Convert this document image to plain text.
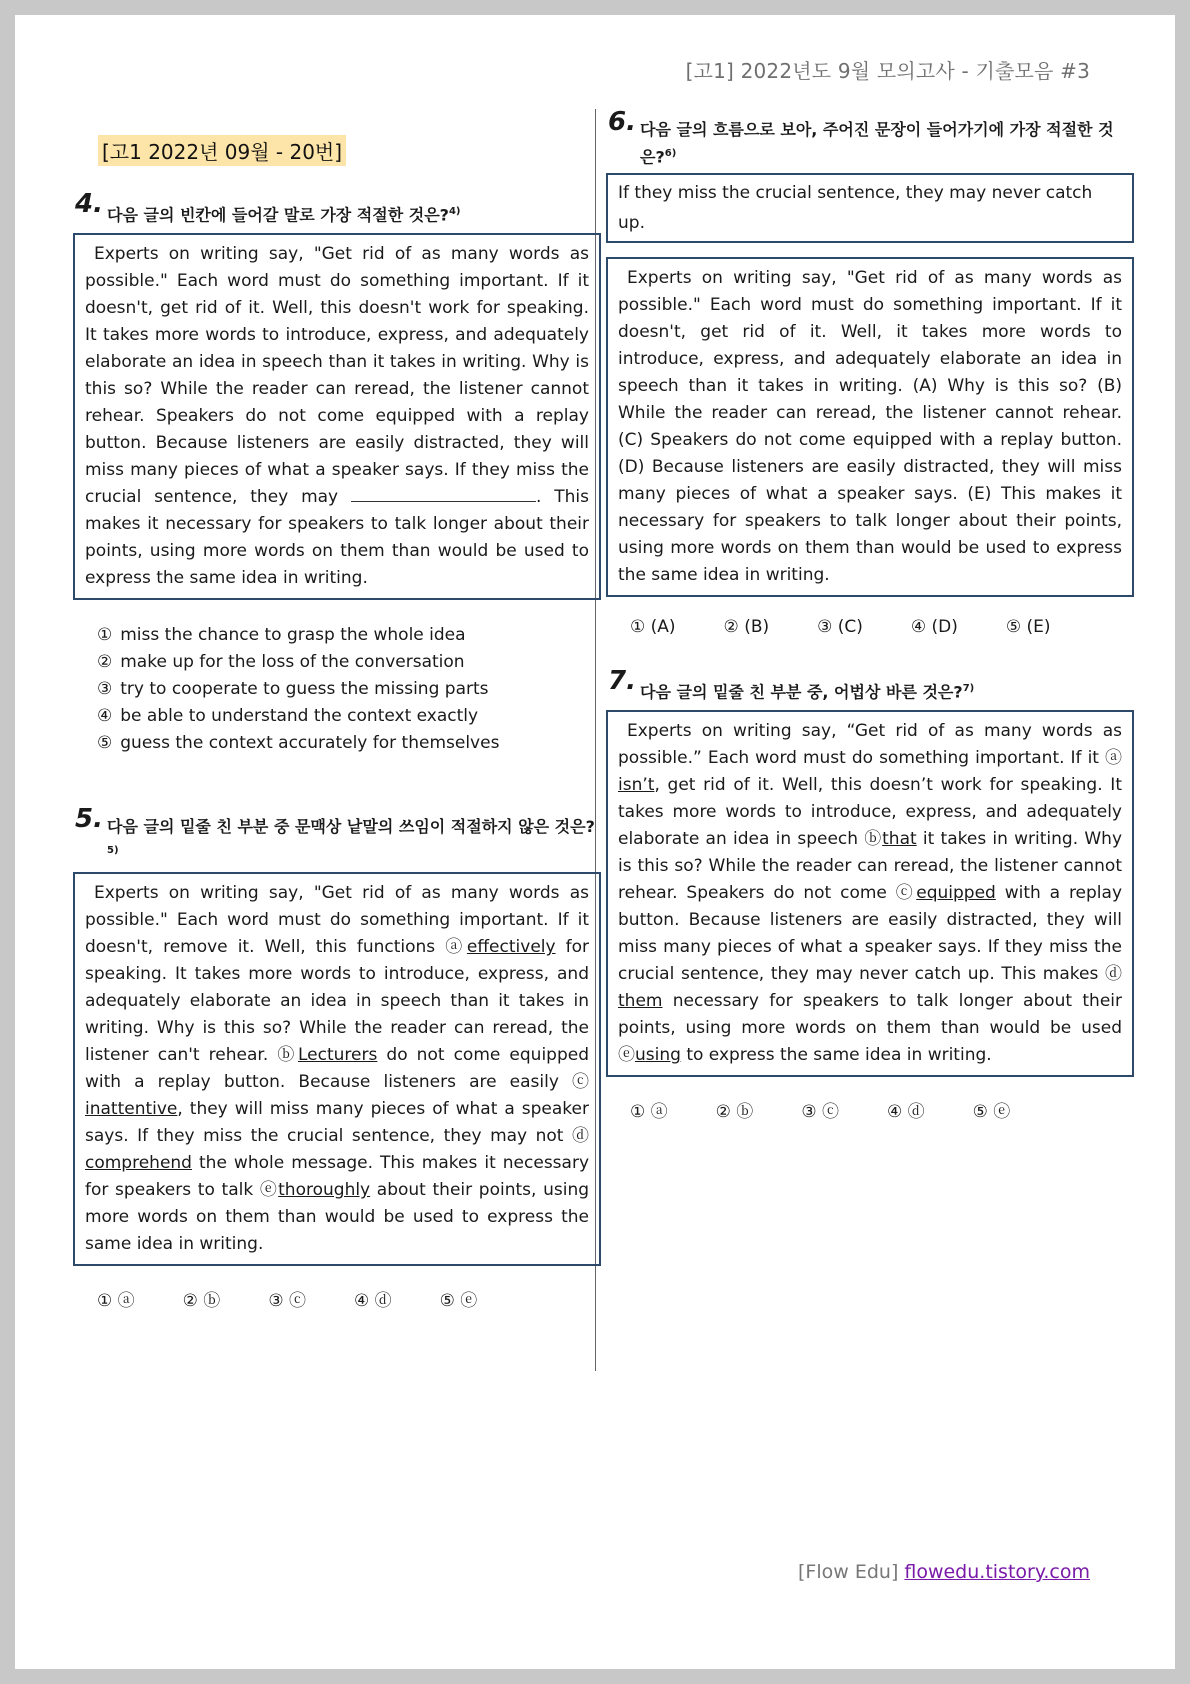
[고1] 2022년도 9월 모의고사 - 기출모음 #3
[고1 2022년 09월 - 20번]
4. 다음 글의 빈칸에 들어갈 말로 가장 적절한 것은?$^{4)}$

Experts on writing say, "Get rid of as many words as possible." Each word must do something important. If it doesn't, get rid of it. Well, this doesn't work for speaking. It takes more words to introduce, express, and adequately elaborate an idea in speech than it takes in writing. Why is this so? While the reader can reread, the listener cannot rehear. Speakers do not come equipped with a replay button. Because listeners are easily distracted, they will miss many pieces of what a speaker says. If they miss the crucial sentence, they may	. This makes it necessary for speakers to talk longer about their points, using more words on them than would be used to express the same idea in writing.

① miss the chance to grasp the whole idea
② make up for the loss of the conversation
③ try to cooperate to guess the missing parts
④ be able to understand the context exactly
⑤ guess the context accurately for themselves
5. 다음 글의 밑줄 친 부분 중 문맥상 낱말의 쓰임이 적절하지 않은 것은?$^{5)}$

Experts on writing say, "Get rid of as many words as possible." Each word must do something important. If it doesn't, remove it. Well, this functions ⓐeffectively for speaking. It takes more words to introduce, express, and adequately elaborate an idea in speech than it takes in writing. Why is this so? While the reader can reread, the listener can't rehear. ⓑLecturers do not come equipped with a replay button. Because listeners are easily ⓒ inattentive, they will miss many pieces of what a speaker says. If they miss the crucial sentence, they may not ⓓ comprehend the whole message. This makes it necessary for speakers to talk ⓔthoroughly about their points, using more words on them than would be used to express the same idea in writing.

① ⓐ	② ⓑ	③ ⓒ	④ ⓓ	⑤ ⓔ
6. 다음 글의 흐름으로 보아, 주어진 문장이 들어가기에 가장 적절한 것은?$^{6)}$
If they miss the crucial sentence, they may never catch up.

Experts on writing say, "Get rid of as many words as possible." Each word must do something important. If it doesn't, get rid of it. Well, it takes more words to introduce, express, and adequately elaborate an idea in speech than it takes in writing. (A) Why is this so? (B) While the reader can reread, the listener cannot rehear. (C) Speakers do not come equipped with a replay button. (D) Because listeners are easily distracted, they will miss many pieces of what a speaker says. (E) This makes it necessary for speakers to talk longer about their points, using more words on them than would be used to express the same idea in writing.

① (A)	② (B)	③ (C)	④ (D)	⑤ (E)
7. 다음 글의 밑줄 친 부분 중, 어법상 바른 것은?$^{7)}$

Experts on writing say, “Get rid of as many words as possible.” Each word must do something important. If it ⓐ isn’t, get rid of it. Well, this doesn’t work for speaking. It takes more words to introduce, express, and adequately elaborate an idea in speech ⓑthat it takes in writing. Why is this so? While the reader can reread, the listener cannot rehear. Speakers do not come ⓒequipped with a replay button. Because listeners are easily distracted, they will miss many pieces of what a speaker says. If they miss the crucial sentence, they may never catch up. This makes ⓓ them necessary for speakers to talk longer about their points, using more words on them than would be used ⓔusing to express the same idea in writing.

① ⓐ	② ⓑ	③ ⓒ	④ ⓓ	⑤ ⓔ
[Flow Edu] flowedu.tistory.com
